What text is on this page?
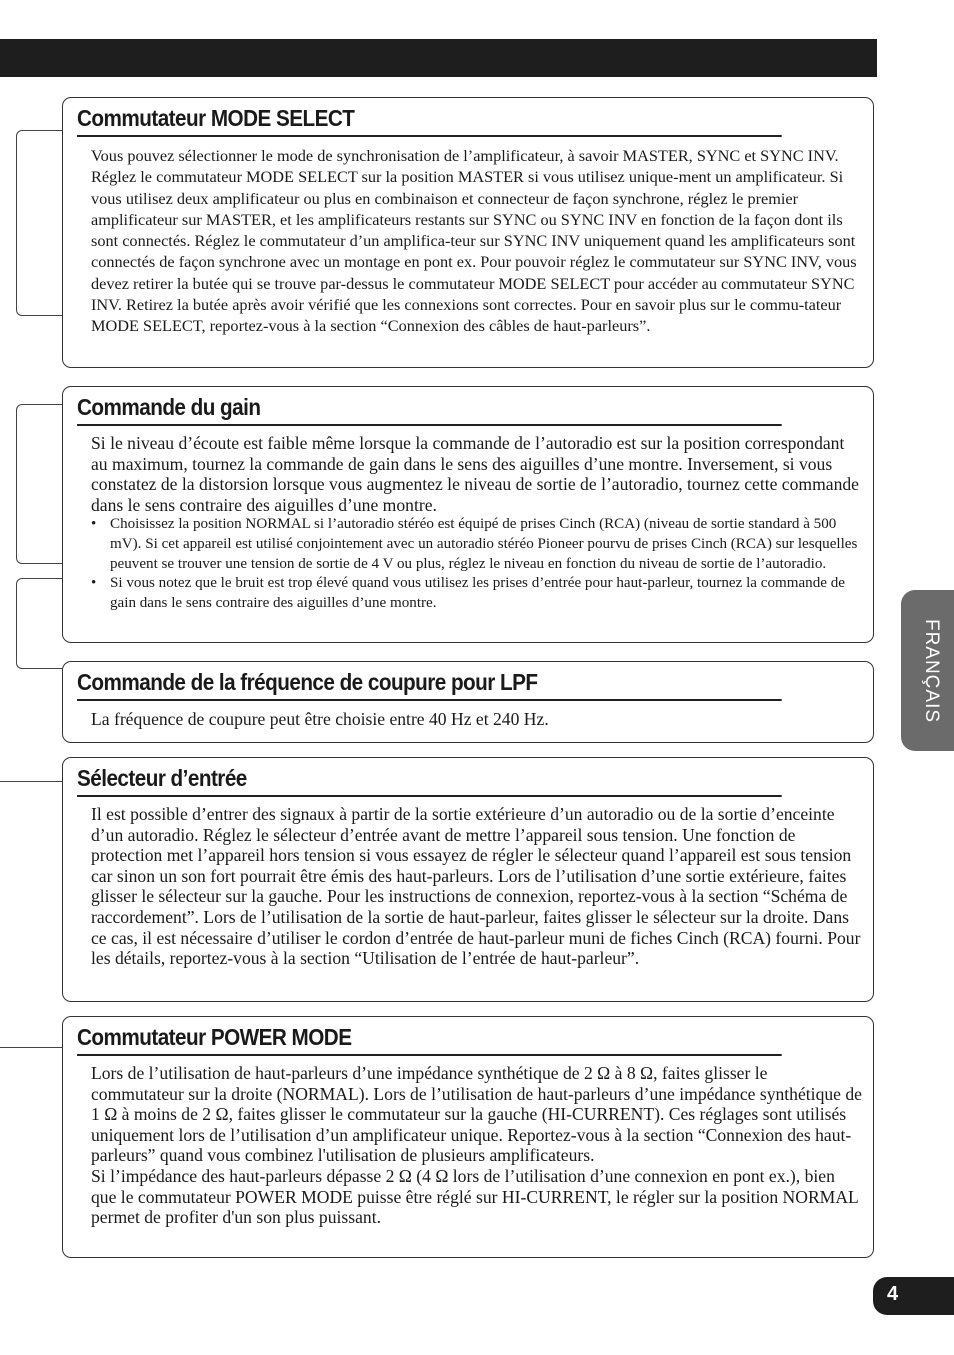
Commutateur MODE SELECT

Vous pouvez sélectionner le mode de synchronisation de l’amplificateur, à savoir MASTER, SYNC et SYNC INV. Réglez le commutateur MODE SELECT sur la position MASTER si vous utilisez unique-ment un amplificateur. Si vous utilisez deux amplificateur ou plus en combinaison et connecteur de façon synchrone, réglez le premier amplificateur sur MASTER, et les amplificateurs restants sur SYNC ou SYNC INV en fonction de la façon dont ils sont connectés. Réglez le commutateur d’un amplifica-teur sur SYNC INV uniquement quand les amplificateurs sont connectés de façon synchrone avec un montage en pont ex. Pour pouvoir réglez le commutateur sur SYNC INV, vous devez retirer la butée qui se trouve par-dessus le commutateur MODE SELECT pour accéder au commutateur SYNC INV. Retirez la butée après avoir vérifié que les connexions sont correctes. Pour en savoir plus sur le commu-tateur MODE SELECT, reportez-vous à la section “Connexion des câbles de haut-parleurs”.

Commande du gain

Si le niveau d’écoute est faible même lorsque la commande de l’autoradio est sur la position correspondant au maximum, tournez la commande de gain dans le sens des aiguilles d’une montre. Inversement, si vous constatez de la distorsion lorsque vous augmentez le niveau de sortie de l’autoradio, tournez cette commande dans le sens contraire des aiguilles d’une montre.

• Choisissez la position NORMAL si l’autoradio stéréo est équipé de prises Cinch (RCA) (niveau de sortie standard à 500 mV). Si cet appareil est utilisé conjointement avec un autoradio stéréo Pioneer pourvu de prises Cinch (RCA) sur lesquelles peuvent se trouver une tension de sortie de 4 V ou plus, réglez le niveau en fonction du niveau de sortie de l’autoradio.
• Si vous notez que le bruit est trop élevé quand vous utilisez les prises d’entrée pour haut-parleur, tournez la commande de gain dans le sens contraire des aiguilles d’une montre.
Commande de la fréquence de coupure pour LPF

La fréquence de coupure peut être choisie entre 40 Hz et 240 Hz.

Sélecteur d’entrée

Il est possible d’entrer des signaux à partir de la sortie extérieure d’un autoradio ou de la sortie d’enceinte d’un autoradio. Réglez le sélecteur d’entrée avant de mettre l’appareil sous tension. Une fonction de protection met l’appareil hors tension si vous essayez de régler le sélecteur quand l’appareil est sous tension car sinon un son fort pourrait être émis des haut-parleurs. Lors de l’utilisation d’une sortie extérieure, faites glisser le sélecteur sur la gauche. Pour les instructions de connexion, reportez-vous à la section “Schéma de raccordement”. Lors de l’utilisation de la sortie de haut-parleur, faites glisser le sélecteur sur la droite. Dans ce cas, il est nécessaire d’utiliser le cordon d’entrée de haut-parleur muni de fiches Cinch (RCA) fourni. Pour les détails, reportez-vous à la section “Utilisation de l’entrée de haut-parleur”.

Commutateur POWER MODE

Lors de l’utilisation de haut-parleurs d’une impédance synthétique de 2 Ω à 8 Ω, faites glisser le commutateur sur la droite (NORMAL). Lors de l’utilisation de haut-parleurs d’une impédance synthétique de 1 Ω à moins de 2 Ω, faites glisser le commutateur sur la gauche (HI-CURRENT). Ces réglages sont utilisés uniquement lors de l’utilisation d’un amplificateur unique. Reportez-vous à la section “Connexion des haut-parleurs” quand vous combinez l'utilisation de plusieurs amplificateurs.

Si l’impédance des haut-parleurs dépasse 2 Ω (4 Ω lors de l’utilisation d’une connexion en pont ex.), bien que le commutateur POWER MODE puisse être réglé sur HI-CURRENT, le régler sur la position NORMAL permet de profiter d'un son plus puissant.

FRANÇAIS
4
